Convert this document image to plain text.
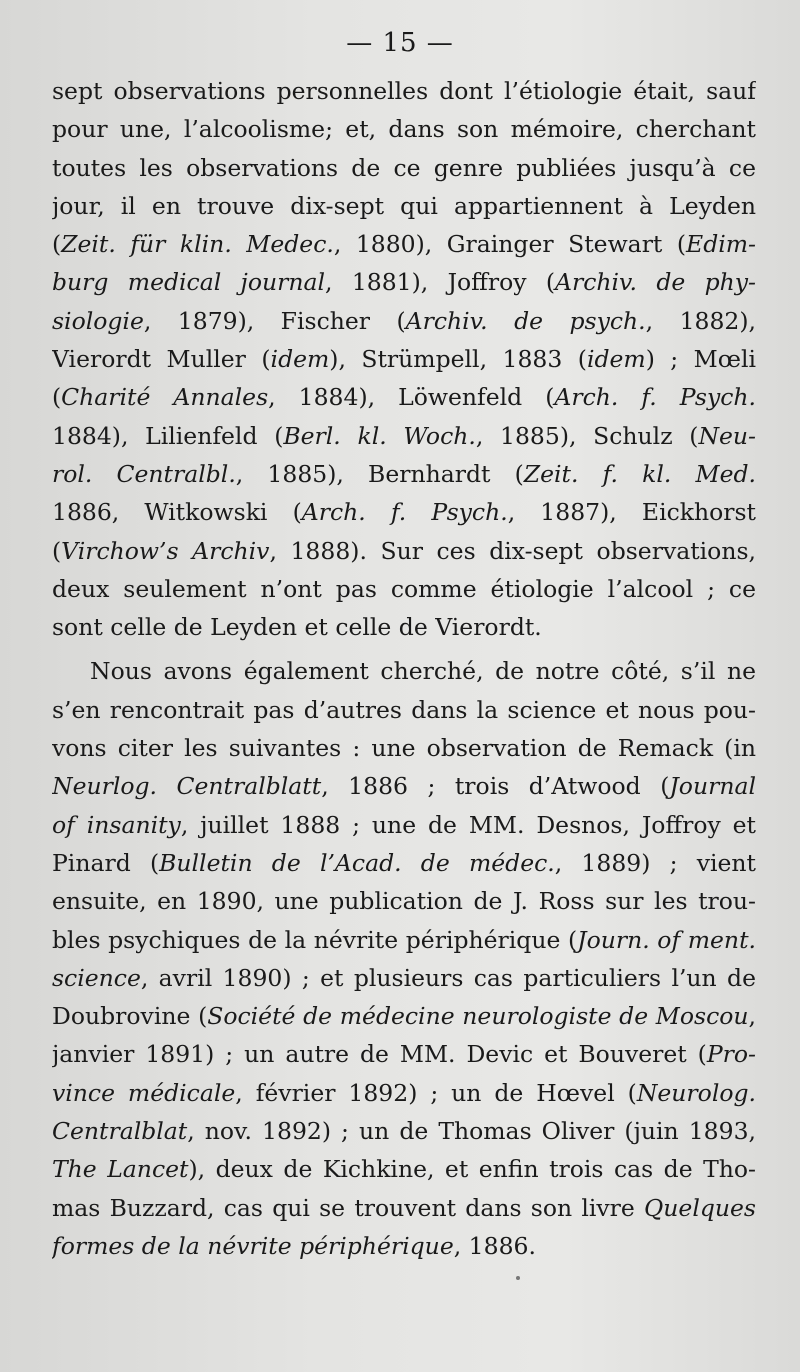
— 15 —
sept observations personnelles dont l’étiologie était, sauf
pour une, l’alcoolisme; et, dans son mémoire, cherchant
toutes les observations de ce genre publiées jusqu’à ce
jour, il en trouve dix-sept qui appartiennent à Leyden
(Zeit. für klin. Medec., 1880), Grainger Stewart (Edim-
burg medical journal, 1881), Joffroy (Archiv. de phy-
siologie, 1879), Fischer (Archiv. de psych., 1882),
Vierordt Muller (idem), Strümpell, 1883 (idem) ; Mœli
(Charité Annales, 1884), Löwenfeld (Arch. f. Psych.
1884), Lilienfeld (Berl. kl. Woch., 1885), Schulz (Neu-
rol. Centralbl., 1885), Bernhardt (Zeit. f. kl. Med.
1886, Witkowski (Arch. f. Psych., 1887), Eickhorst
(Virchow’s Archiv, 1888). Sur ces dix-sept observations,
deux seulement n’ont pas comme étiologie l’alcool ; ce
sont celle de Leyden et celle de Vierordt.
Nous avons également cherché, de notre côté, s’il ne
s’en rencontrait pas d’autres dans la science et nous pou-
vons citer les suivantes : une observation de Remack (in
Neurlog. Centralblatt, 1886 ; trois d’Atwood (Journal
of insanity, juillet 1888 ; une de MM. Desnos, Joffroy et
Pinard (Bulletin de l’Acad. de médec., 1889) ; vient
ensuite, en 1890, une publication de J. Ross sur les trou-
bles psychiques de la névrite périphérique (Journ. of ment.
science, avril 1890) ; et plusieurs cas particuliers l’un de
Doubrovine (Société de médecine neurologiste de Moscou,
janvier 1891) ; un autre de MM. Devic et Bouveret (Pro-
vince médicale, février 1892) ; un de Hœvel (Neurolog.
Centralblat, nov. 1892) ; un de Thomas Oliver (juin 1893,
The Lancet), deux de Kichkine, et enfin trois cas de Tho-
mas Buzzard, cas qui se trouvent dans son livre Quelques
formes de la névrite périphérique, 1886.
